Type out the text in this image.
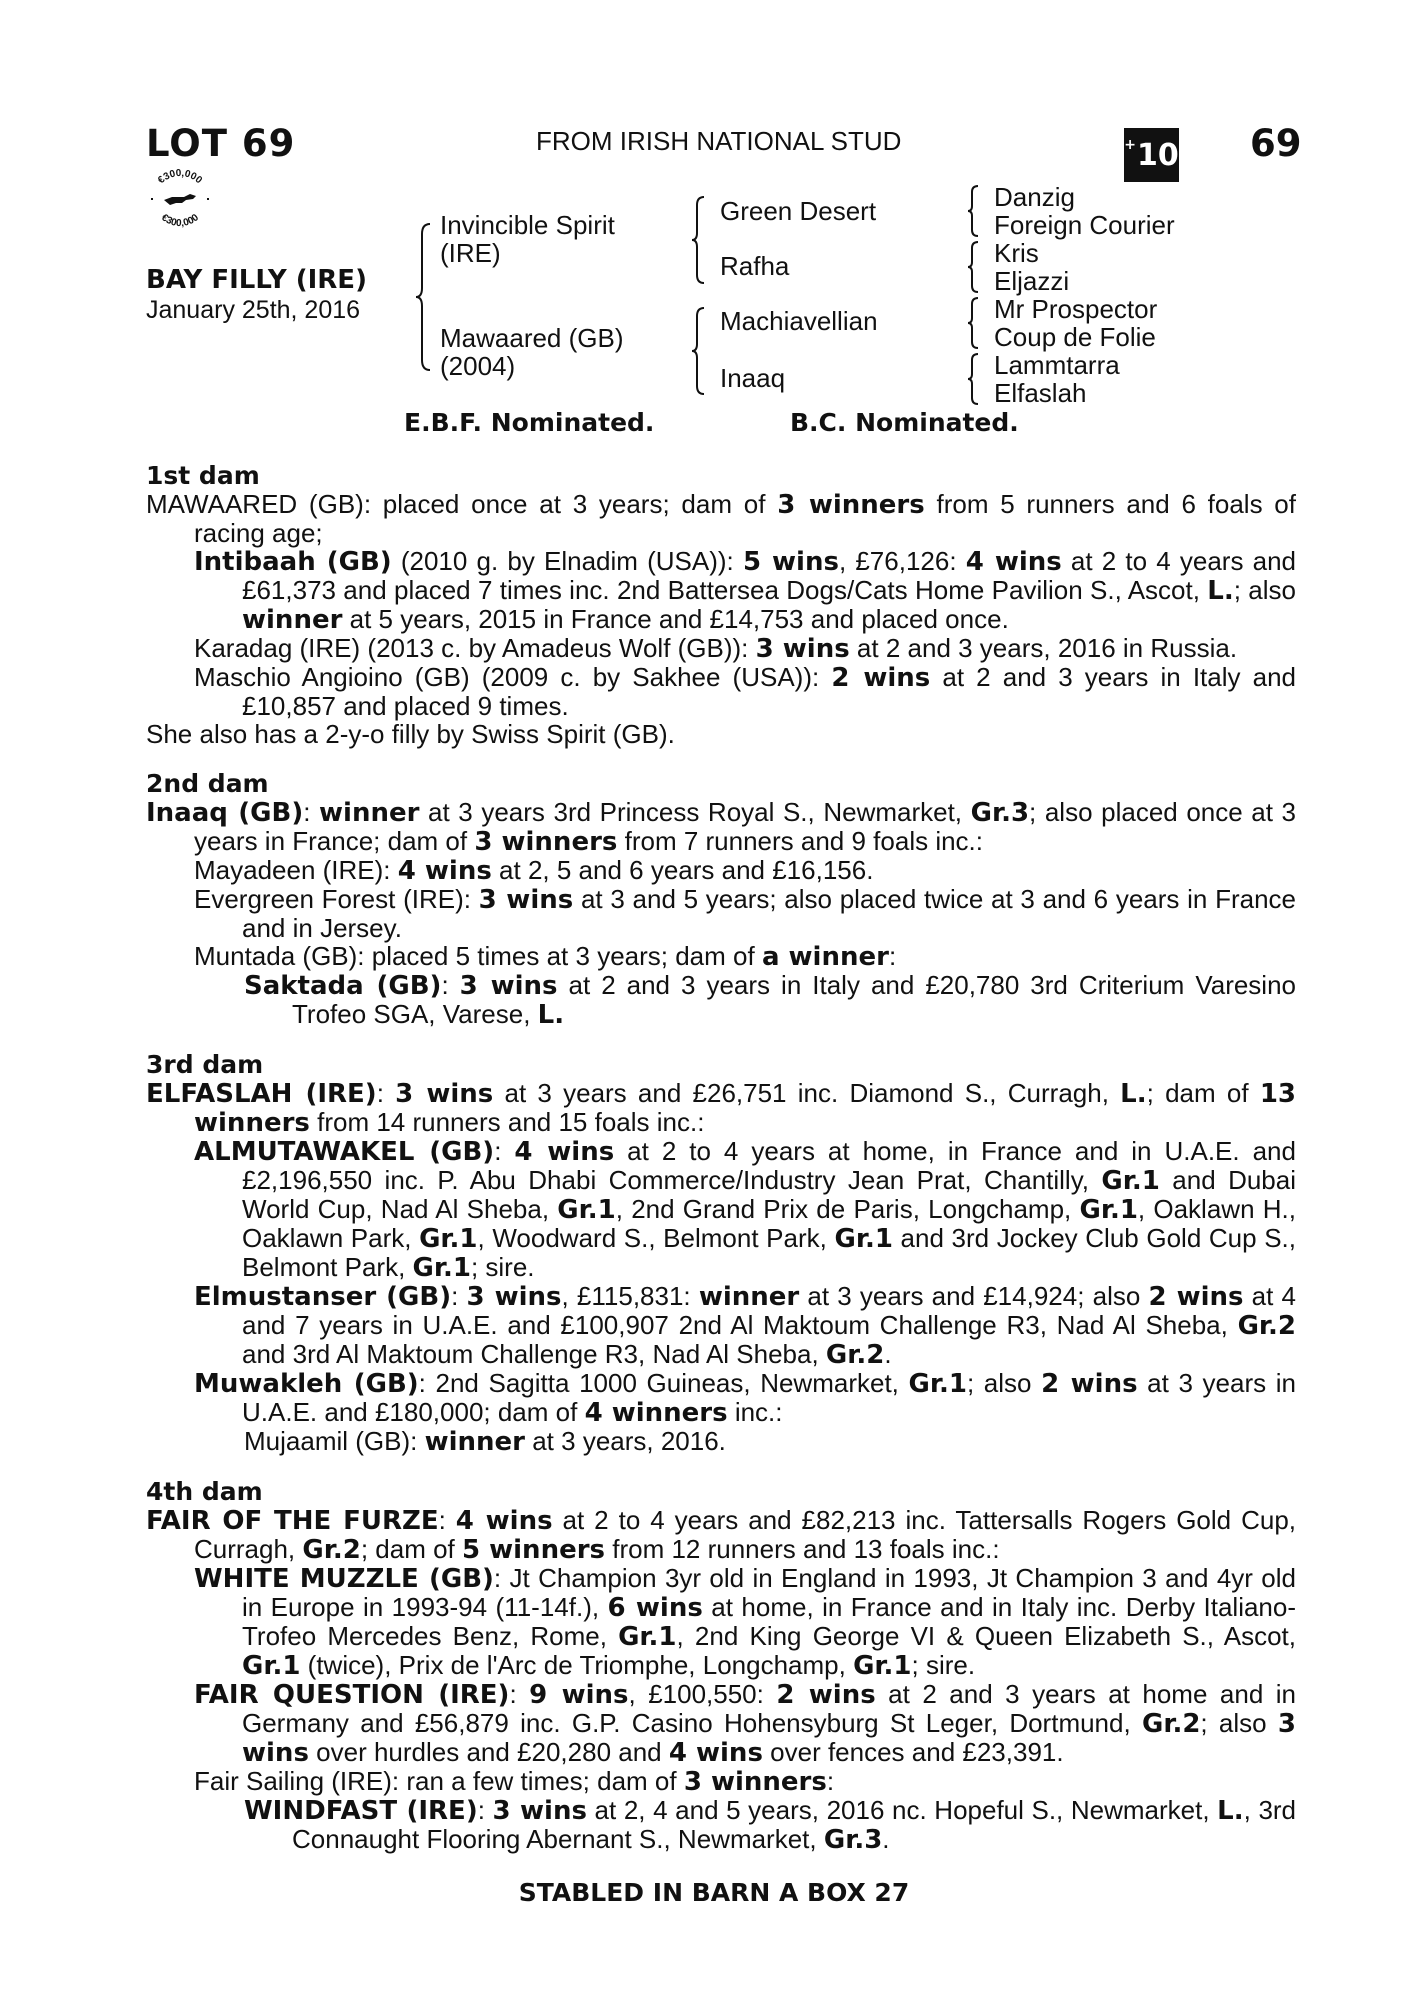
LOT 69	FROM IRISH NATIONAL STUD	+ 10 69
€300,000
€300,000
BAY FILLY (IRE)
January 25th, 2016
Invincible Spirit
(IRE)
Mawaared (GB)
(2004)
Green Desert
Rafha
Machiavellian
Inaaq
Danzig
Foreign Courier
Kris
Eljazzi
Mr Prospector
Coup de Folie
Lammtarra
Elfaslah
E.B.F. Nominated.	B.C. Nominated.
1st dam
MAWAARED (GB): placed once at 3 years; dam of 3 winners from 5 runners and 6 foals of racing age;
Intibaah (GB) (2010 g. by Elnadim (USA)): 5 wins, £76,126: 4 wins at 2 to 4 years and £61,373 and placed 7 times inc. 2nd Battersea Dogs/Cats Home Pavilion S., Ascot, L.; also winner at 5 years, 2015 in France and £14,753 and placed once.
Karadag (IRE) (2013 c. by Amadeus Wolf (GB)): 3 wins at 2 and 3 years, 2016 in Russia.
Maschio Angioino (GB) (2009 c. by Sakhee (USA)): 2 wins at 2 and 3 years in Italy and £10,857 and placed 9 times.
She also has a 2-y-o filly by Swiss Spirit (GB).
2nd dam
Inaaq (GB): winner at 3 years 3rd Princess Royal S., Newmarket, Gr.3; also placed once at 3 years in France; dam of 3 winners from 7 runners and 9 foals inc.:
Mayadeen (IRE): 4 wins at 2, 5 and 6 years and £16,156.
Evergreen Forest (IRE): 3 wins at 3 and 5 years; also placed twice at 3 and 6 years in France and in Jersey.
Muntada (GB): placed 5 times at 3 years; dam of a winner:
Saktada (GB): 3 wins at 2 and 3 years in Italy and £20,780 3rd Criterium Varesino Trofeo SGA, Varese, L.
3rd dam
ELFASLAH (IRE): 3 wins at 3 years and £26,751 inc. Diamond S., Curragh, L.; dam of 13 winners from 14 runners and 15 foals inc.:
ALMUTAWAKEL (GB): 4 wins at 2 to 4 years at home, in France and in U.A.E. and £2,196,550 inc. P. Abu Dhabi Commerce/Industry Jean Prat, Chantilly, Gr.1 and Dubai World Cup, Nad Al Sheba, Gr.1, 2nd Grand Prix de Paris, Longchamp, Gr.1, Oaklawn H., Oaklawn Park, Gr.1, Woodward S., Belmont Park, Gr.1 and 3rd Jockey Club Gold Cup S., Belmont Park, Gr.1; sire.
Elmustanser (GB): 3 wins, £115,831: winner at 3 years and £14,924; also 2 wins at 4 and 7 years in U.A.E. and £100,907 2nd Al Maktoum Challenge R3, Nad Al Sheba, Gr.2 and 3rd Al Maktoum Challenge R3, Nad Al Sheba, Gr.2.
Muwakleh (GB): 2nd Sagitta 1000 Guineas, Newmarket, Gr.1; also 2 wins at 3 years in U.A.E. and £180,000; dam of 4 winners inc.:
Mujaamil (GB): winner at 3 years, 2016.
4th dam
FAIR OF THE FURZE: 4 wins at 2 to 4 years and £82,213 inc. Tattersalls Rogers Gold Cup, Curragh, Gr.2; dam of 5 winners from 12 runners and 13 foals inc.:
WHITE MUZZLE (GB): Jt Champion 3yr old in England in 1993, Jt Champion 3 and 4yr old in Europe in 1993-94 (11-14f.), 6 wins at home, in France and in Italy inc. Derby Italiano-Trofeo Mercedes Benz, Rome, Gr.1, 2nd King George VI & Queen Elizabeth S., Ascot, Gr.1 (twice), Prix de l'Arc de Triomphe, Longchamp, Gr.1; sire.
FAIR QUESTION (IRE): 9 wins, £100,550: 2 wins at 2 and 3 years at home and in Germany and £56,879 inc. G.P. Casino Hohensyburg St Leger, Dortmund, Gr.2; also 3 wins over hurdles and £20,280 and 4 wins over fences and £23,391.
Fair Sailing (IRE): ran a few times; dam of 3 winners:
WINDFAST (IRE): 3 wins at 2, 4 and 5 years, 2016 nc. Hopeful S., Newmarket, L., 3rd Connaught Flooring Abernant S., Newmarket, Gr.3.
STABLED IN BARN A BOX 27
